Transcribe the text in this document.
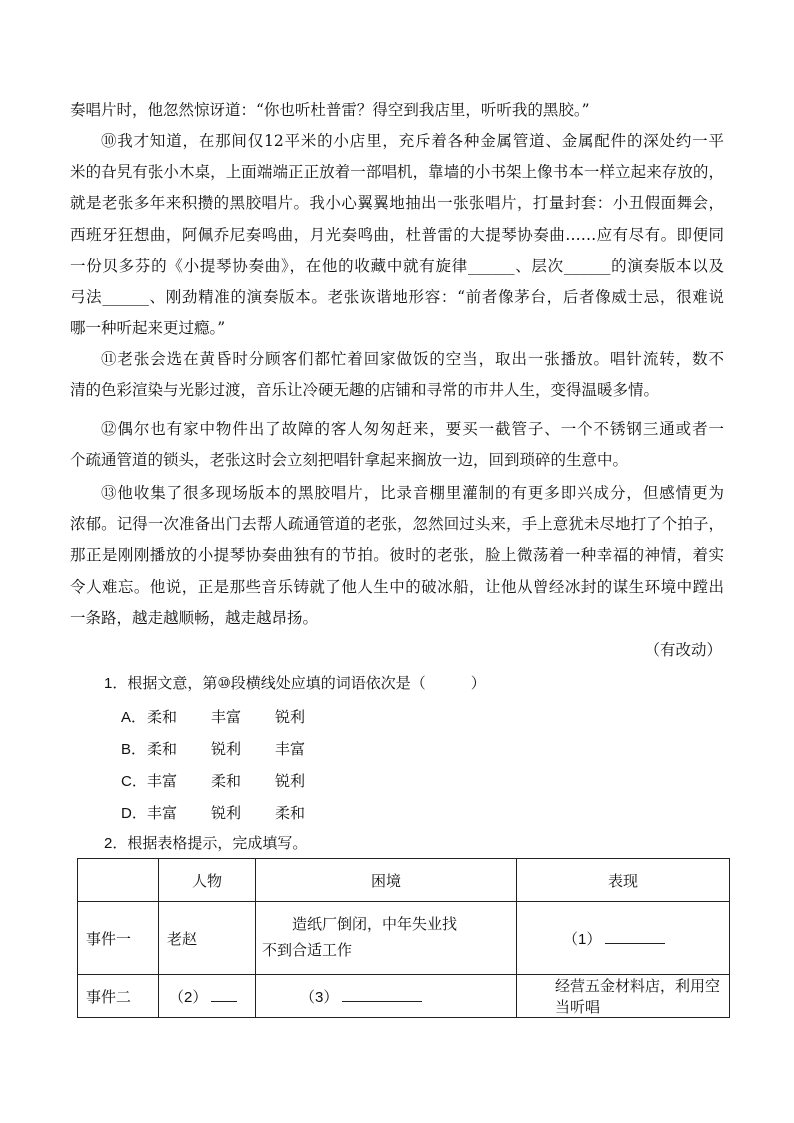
奏唱片时，他忽然惊讶道：“你也听杜普雷？得空到我店里，听听我的黑胶。”
⑩我才知道，在那间仅12平米的小店里，充斥着各种金属管道、金属配件的深处约一平
米的旮旯有张小木桌，上面端端正正放着一部唱机，靠墙的小书架上像书本一样立起来存放的，
就是老张多年来积攒的黑胶唱片。我小心翼翼地抽出一张张唱片，打量封套：小丑假面舞会，
西班牙狂想曲，阿佩乔尼奏鸣曲，月光奏鸣曲，杜普雷的大提琴协奏曲……应有尽有。即便同
一份贝多芬的《小提琴协奏曲》，在他的收藏中就有旋律______、层次______的演奏版本以及
弓法______、刚劲精准的演奏版本。老张诙谐地形容：“前者像茅台，后者像威士忌，很难说
哪一种听起来更过瘾。”
⑪老张会选在黄昏时分顾客们都忙着回家做饭的空当，取出一张播放。唱针流转，数不
清的色彩渲染与光影过渡，音乐让冷硬无趣的店铺和寻常的市井人生，变得温暖多情。
⑫偶尔也有家中物件出了故障的客人匆匆赶来，要买一截管子、一个不锈钢三通或者一
个疏通管道的锁头，老张这时会立刻把唱针拿起来搁放一边，回到琐碎的生意中。
⑬他收集了很多现场版本的黑胶唱片，比录音棚里灌制的有更多即兴成分，但感情更为
浓郁。记得一次准备出门去帮人疏通管道的老张，忽然回过头来，手上意犹未尽地打了个拍子，
那正是刚刚播放的小提琴协奏曲独有的节拍。彼时的老张，脸上微荡着一种幸福的神情，着实
令人难忘。他说，正是那些音乐铸就了他人生中的破冰船，让他从曾经冰封的谋生环境中蹚出
一条路，越走越顺畅，越走越昂扬。
（有改动）
1．根据文意，第⑩段横线处应填的词语依次是（　　　）
A．柔和 丰富 锐利
B．柔和 锐利 丰富
C．丰富 柔和 锐利
D．丰富 锐利 柔和
2．根据表格提示，完成填写。
	人物	困境	表现
事件一	老赵	造纸厂倒闭，中年失业找
不到合适工作	（1）
事件二	（2）	（3）	经营五金材料店，利用空当听唱
